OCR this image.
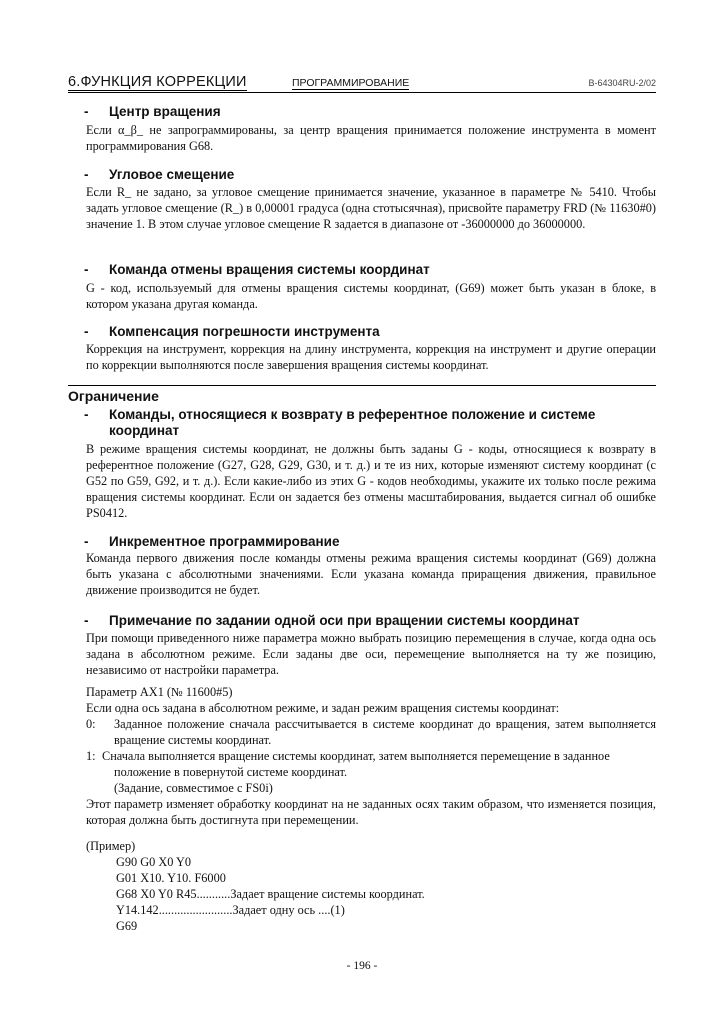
6.ФУНКЦИЯ КОРРЕКЦИИ	ПРОГРАММИРОВАНИЕ	B-64304RU-2/02
- Центр вращения

Если α_β_ не запрограммированы, за центр вращения принимается положение инструмента в момент программирования G68.

- Угловое смещение

Если R_ не задано, за угловое смещение принимается значение, указанное в параметре № 5410. Чтобы задать угловое смещение (R_) в 0,00001 градуса (одна стотысячная), присвойте параметру FRD (№ 11630#0) значение 1. В этом случае угловое смещение R задается в диапазоне от -36000000 до 36000000.

- Команда отмены вращения системы координат

G - код, используемый для отмены вращения системы координат, (G69) может быть указан в блоке, в котором указана другая команда.

- Компенсация погрешности инструмента

Коррекция на инструмент, коррекция на длину инструмента, коррекция на инструмент и другие операции по коррекции выполняются после завершения вращения системы координат.

Ограничение
- Команды, относящиеся к возврату в референтное положение и системе
координат

В режиме вращения системы координат, не должны быть заданы G - коды, относящиеся к возврату в референтное положение (G27, G28, G29, G30, и т. д.) и те из них, которые изменяют систему координат (с G52 по G59, G92, и т. д.). Если какие-либо из этих G - кодов необходимы, укажите их только после режима вращения системы координат. Если он задается без отмены масштабирования, выдается сигнал об ошибке PS0412.

- Инкрементное программирование

Команда первого движения после команды отмены режима вращения системы координат (G69) должна быть указана с абсолютными значениями. Если указана команда приращения движения, правильное движение производится не будет.

- Примечание по задании одной оси при вращении системы координат

При помощи приведенного ниже параметра можно выбрать позицию перемещения в случае, когда одна ось задана в абсолютном режиме. Если заданы две оси, перемещение выполняется на ту же позицию, независимо от настройки параметра.

Параметр AX1 (№ 11600#5)

Если одна ось задана в абсолютном режиме, и задан режим вращения системы координат:

0:	Заданное положение сначала рассчитывается в системе координат до вращения, затем выполняется вращение системы координат.

1: Сначала выполняется вращение системы координат, затем выполняется перемещение в заданное

положение в повернутой системе координат.

(Задание, совместимое с FS0i)

Этот параметр изменяет обработку координат на не заданных осях таким образом, что изменяется позиция, которая должна быть достигнута при перемещении.

(Пример)
G90 G0 X0 Y0
G01 X10. Y10. F6000
G68 X0 Y0 R45...........Задает вращение системы координат.
Y14.142........................Задает одну ось ....(1)
G69
- 196 -
